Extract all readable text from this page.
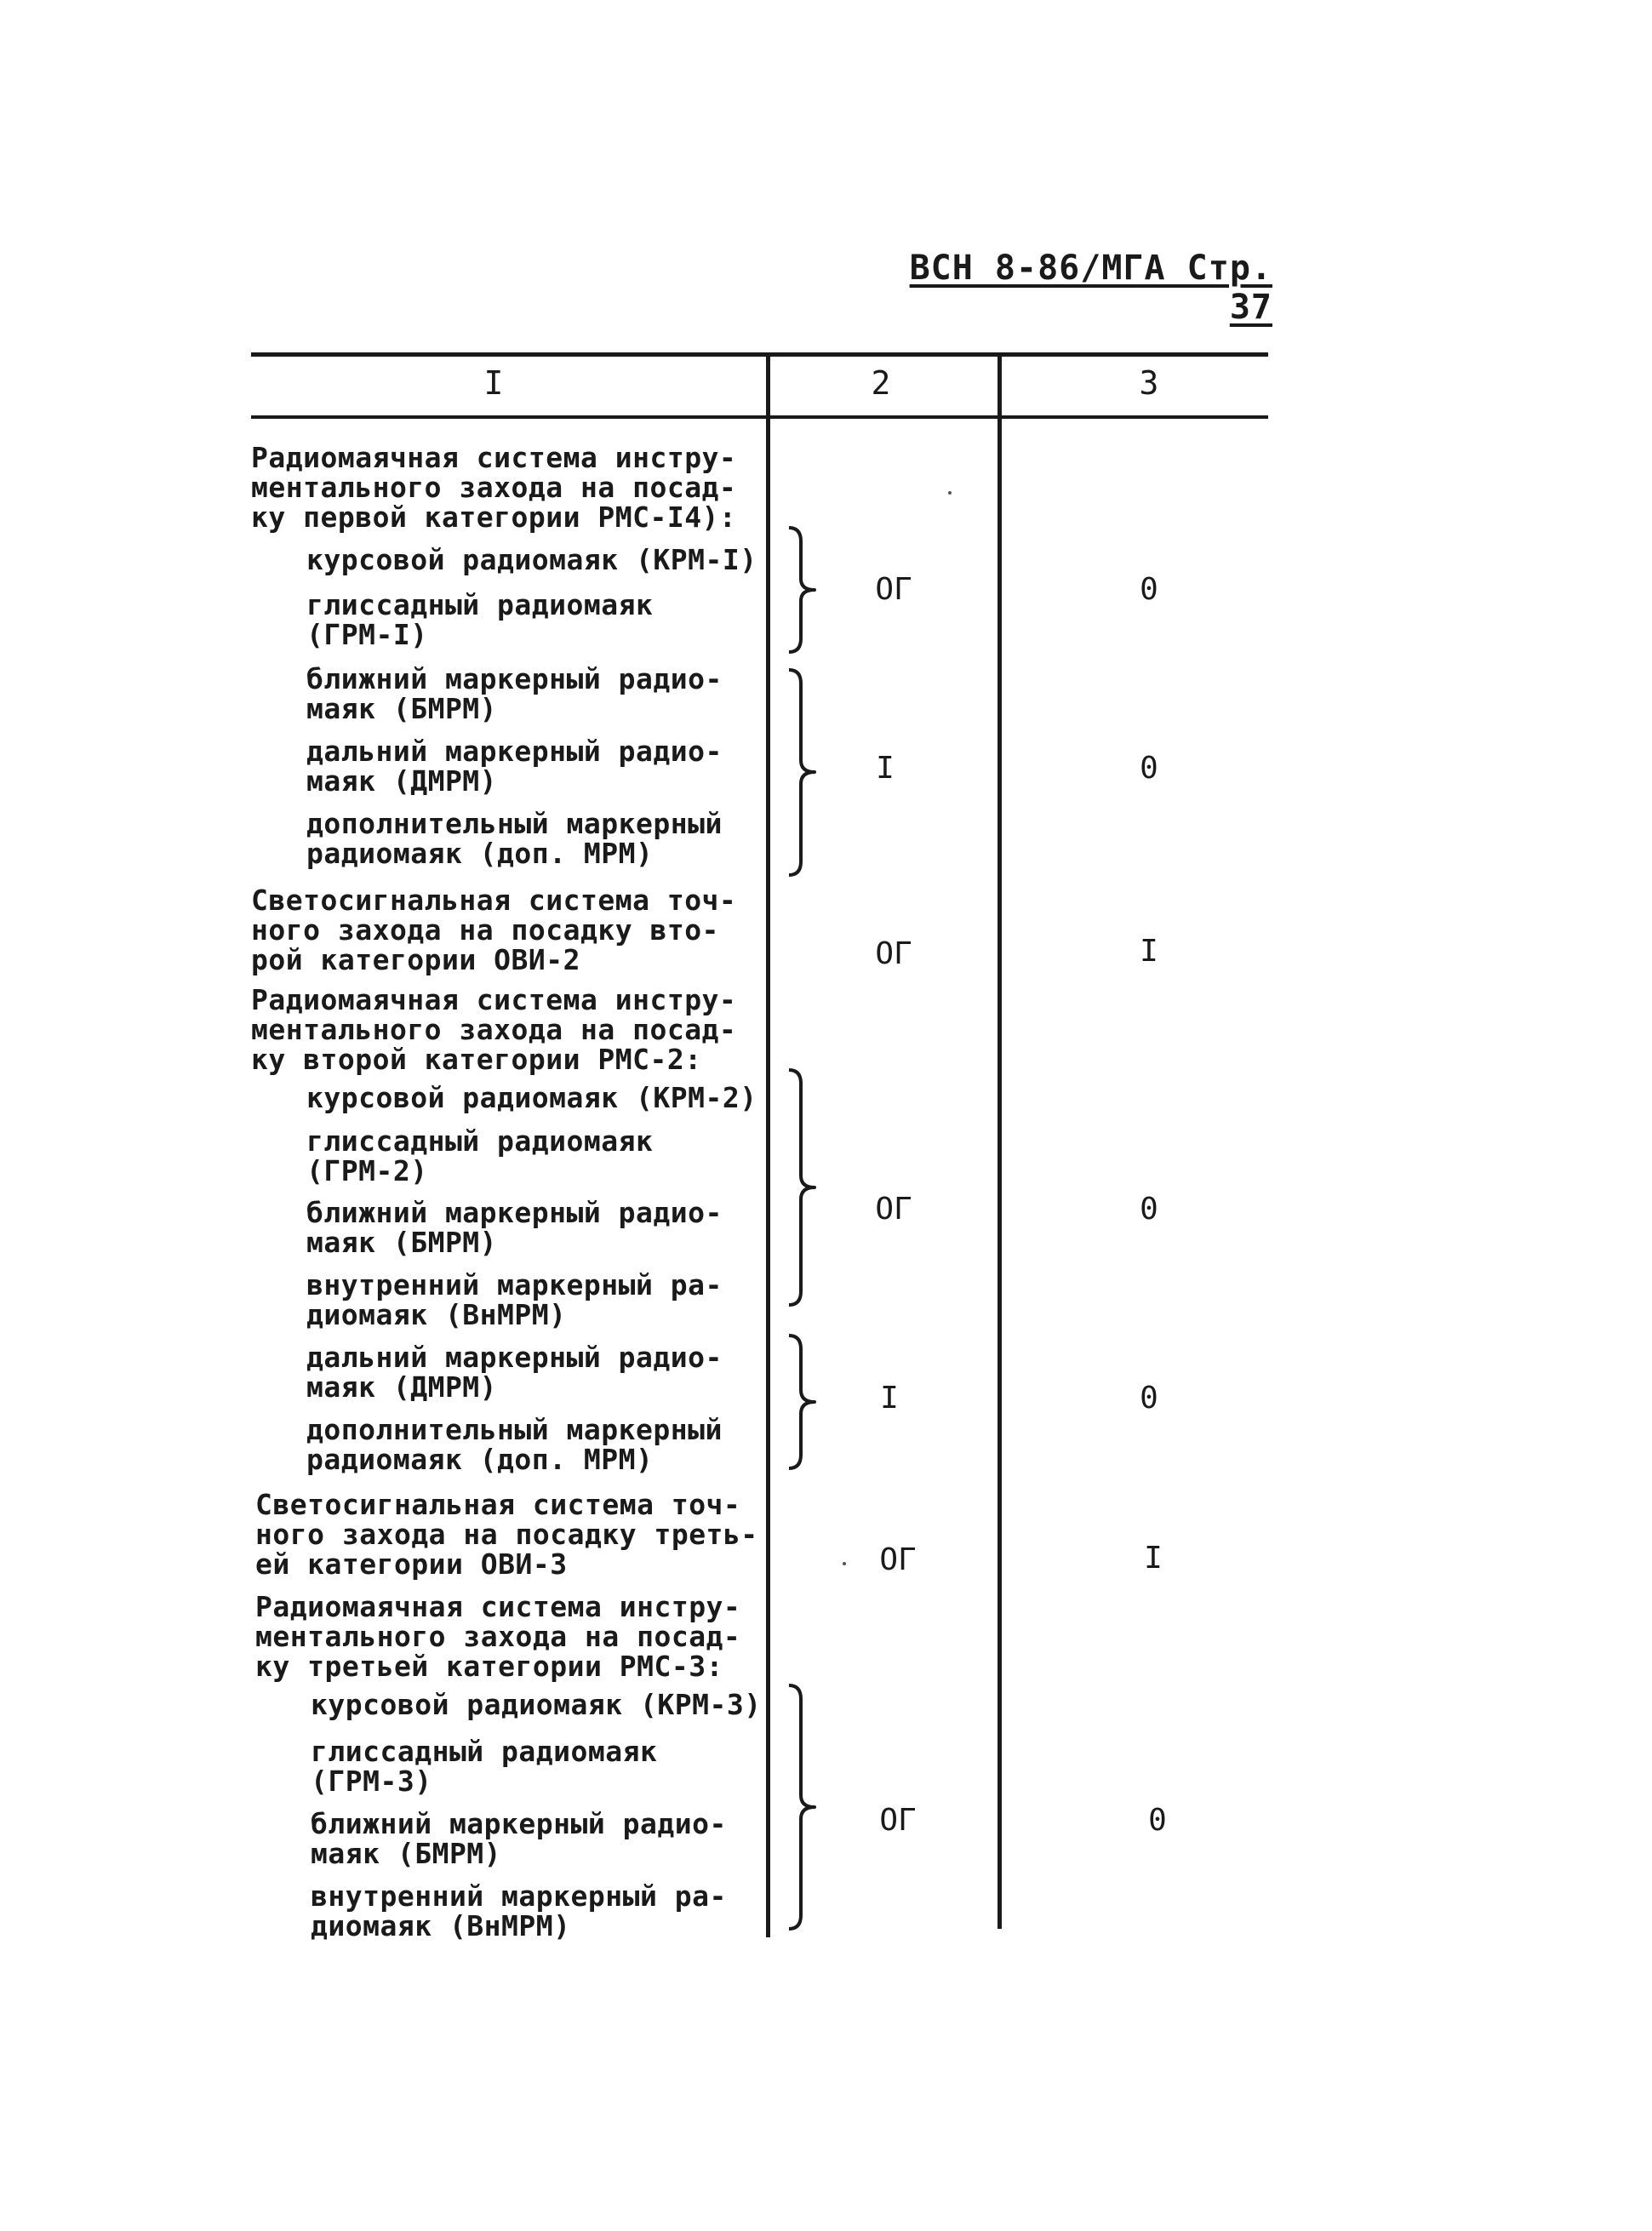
ВСН 8-86/МГА Стр. 37
I	2	3
Радиомаячная система инстру-
ментального захода на посад-
ку первой категории РМС-I4):
курсовой радиомаяк (КРМ-I)
глиссадный радиомаяк
(ГРМ-I)
ближний маркерный радио-
маяк (БМРМ)
дальний маркерный радио-
маяк (ДМРМ)
дополнительный маркерный
радиомаяк (доп. МРМ)
Светосигнальная система точ-
ного захода на посадку вто-
рой категории ОВИ-2
Радиомаячная система инстру-
ментального захода на посад-
ку второй категории РМС-2:
курсовой радиомаяк (КРМ-2)
глиссадный радиомаяк
(ГРМ-2)
ближний маркерный радио-
маяк (БМРМ)
внутренний маркерный ра-
диомаяк (ВнМРМ)
дальний маркерный радио-
маяк (ДМРМ)
дополнительный маркерный
радиомаяк (доп. МРМ)
Светосигнальная система точ-
ного захода на посадку треть-
ей категории ОВИ-3
Радиомаячная система инстру-
ментального захода на посад-
ку третьей категории РМС-3:
курсовой радиомаяк (КРМ-3)
глиссадный радиомаяк
(ГРМ-3)
ближний маркерный радио-
маяк (БМРМ)
внутренний маркерный ра-
диомаяк (ВнМРМ)
ОГ
I
ОГ
ОГ
I
ОГ
ОГ
0
0
I
0
0
I
0
